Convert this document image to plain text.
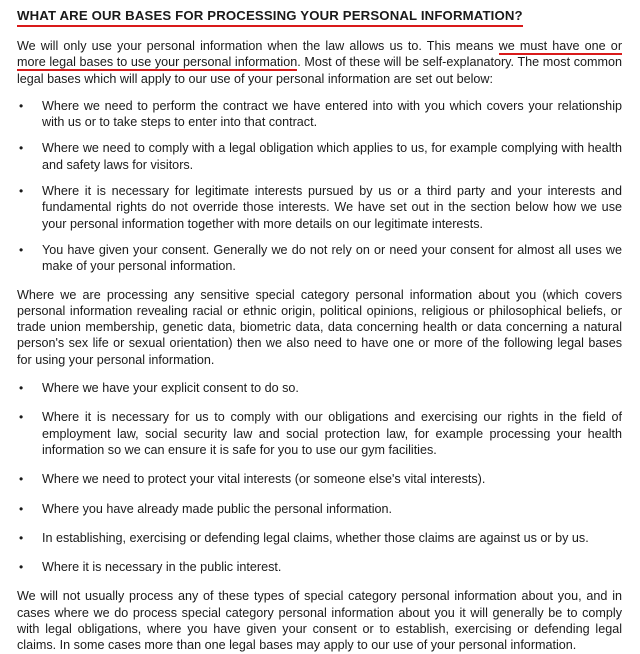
WHAT ARE OUR BASES FOR PROCESSING YOUR PERSONAL INFORMATION?

We will only use your personal information when the law allows us to. This means we must have one or more legal bases to use your personal information. Most of these will be self-explanatory. The most common legal bases which will apply to our use of your personal information are set out below:

• Where we need to perform the contract we have entered into with you which covers your relationship with us or to take steps to enter into that contract.
• Where we need to comply with a legal obligation which applies to us, for example complying with health and safety laws for visitors.
• Where it is necessary for legitimate interests pursued by us or a third party and your interests and fundamental rights do not override those interests. We have set out in the section below how we use your personal information together with more details on our legitimate interests.
• You have given your consent. Generally we do not rely on or need your consent for almost all uses we make of your personal information.

Where we are processing any sensitive special category personal information about you (which covers personal information revealing racial or ethnic origin, political opinions, religious or philosophical beliefs, or trade union membership, genetic data, biometric data, data concerning health or data concerning a natural person's sex life or sexual orientation) then we also need to have one or more of the following legal bases for using your personal information.

• Where we have your explicit consent to do so.
• Where it is necessary for us to comply with our obligations and exercising our rights in the field of employment law, social security law and social protection law, for example processing your health information so we can ensure it is safe for you to use our gym facilities.
• Where we need to protect your vital interests (or someone else's vital interests).
• Where you have already made public the personal information.
• In establishing, exercising or defending legal claims, whether those claims are against us or by us.
• Where it is necessary in the public interest.

We will not usually process any of these types of special category personal information about you, and in cases where we do process special category personal information about you it will generally be to comply with legal obligations, where you have given your consent or to establish, exercising or defending legal claims. In some cases more than one legal bases may apply to our use of your personal information.
